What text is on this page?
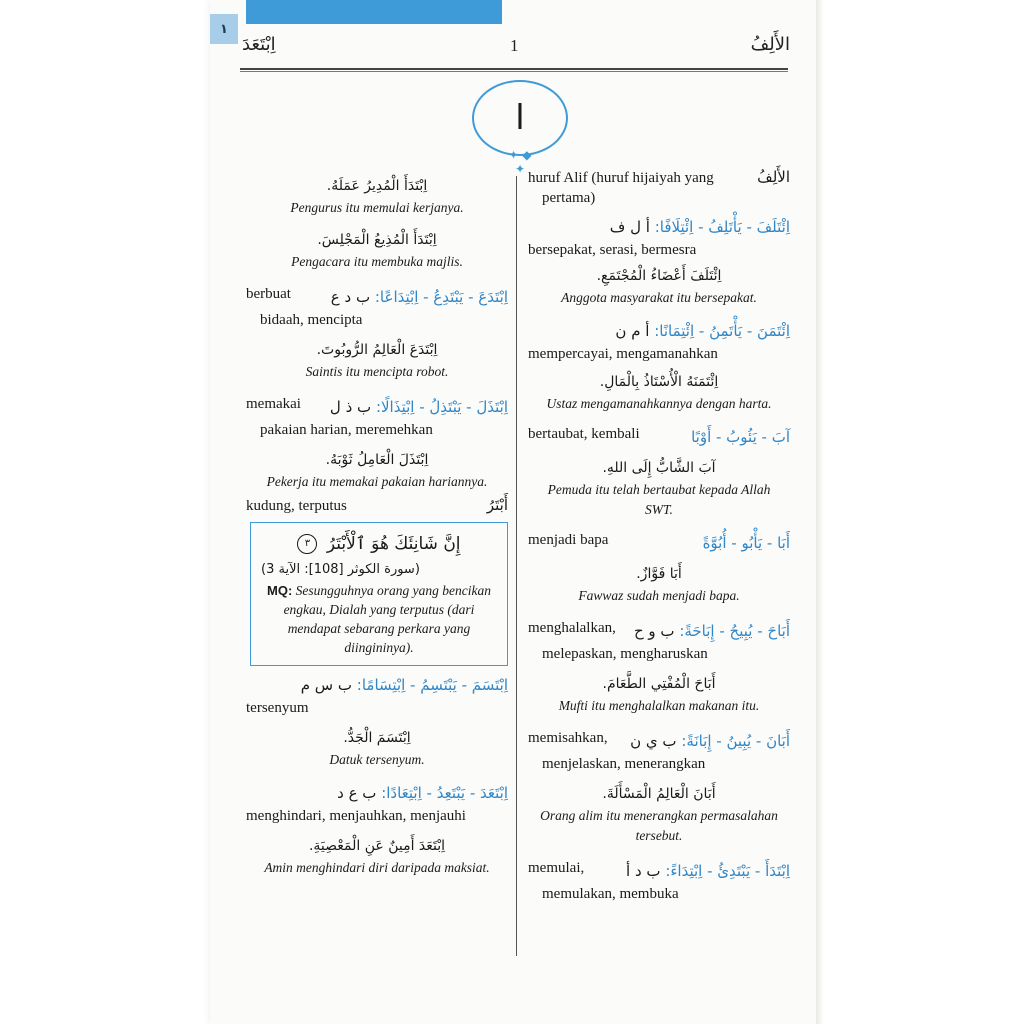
١
اِبْتَعَدَ	1	الأَلِفُ
ا
✦ ◆ ✦
اِبْتَدَأَ الْمُدِيرُ عَمَلَهُ.
Pengurus itu memulai kerjanya.
اِبْتَدَأَ الْمُذِيعُ الْمَجْلِسَ.
Pengacara itu membuka majlis.
berbuat	اِبْتَدَعَ - يَبْتَدِعُ - اِبْتِدَاعًا: ب د ع
bidaah, mencipta
اِبْتَدَعَ الْعَالِمُ الرُّوبُوتَ.
Saintis itu mencipta robot.
memakai	اِبْتَذَلَ - يَبْتَذِلُ - اِبْتِذَالًا: ب ذ ل
pakaian harian, meremehkan
اِبْتَذَلَ الْعَامِلُ ثَوْبَهُ.
Pekerja itu memakai pakaian hariannya.
kudung, terputus	أَبْتَرُ
إِنَّ شَانِئَكَ هُوَ ٱلْأَبْتَرُ ٣
(سورة الكوثر [108]: الآية 3)
MQ: Sesungguhnya orang yang bencikan engkau, Dialah yang terputus (dari mendapat sebarang perkara yang diingininya).
اِبْتَسَمَ - يَبْتَسِمُ - اِبْتِسَامًا: ب س م
tersenyum
اِبْتَسَمَ الْجَدُّ.
Datuk tersenyum.
اِبْتَعَدَ - يَبْتَعِدُ - اِبْتِعَادًا: ب ع د
menghindari, menjauhkan, menjauhi
اِبْتَعَدَ أَمِينٌ عَنِ الْمَعْصِيَةِ.
Amin menghindari diri daripada maksiat.
huruf Alif (huruf hijaiyah yang	الأَلِفُ
pertama)
اِئْتَلَفَ - يَأْتَلِفُ - اِئْتِلَافًا: أ ل ف
bersepakat, serasi, bermesra
اِئْتَلَفَ أَعْضَاءُ الْمُجْتَمَعِ.
Anggota masyarakat itu bersepakat.
اِئْتَمَنَ - يَأْتَمِنُ - اِئْتِمَانًا: أ م ن
mempercayai, mengamanahkan
اِئْتَمَنَهُ الْأُسْتَاذُ بِالْمَالِ.
Ustaz mengamanahkannya dengan harta.
bertaubat, kembali	آبَ - يَئُوبُ - أَوْبًا
آبَ الشَّابُّ إِلَى اللهِ.
Pemuda itu telah bertaubat kepada Allah
SWT.
menjadi bapa	أَبَا - يَأْبُو - أُبُوَّةً
أَبَا فَوَّازٌ.
Fawwaz sudah menjadi bapa.
menghalalkan,	أَبَاحَ - يُبِيحُ - إِبَاحَةً: ب و ح
melepaskan, mengharuskan
أَبَاحَ الْمُفْتِي الطَّعَامَ.
Mufti itu menghalalkan makanan itu.
memisahkan,	أَبَانَ - يُبِينُ - إِبَانَةً: ب ي ن
menjelaskan, menerangkan
أَبَانَ الْعَالِمُ الْمَسْأَلَةَ.
Orang alim itu menerangkan permasalahan
tersebut.
memulai,	اِبْتَدَأَ - يَبْتَدِئُ - اِبْتِدَاءً: ب د أ
memulakan, membuka
